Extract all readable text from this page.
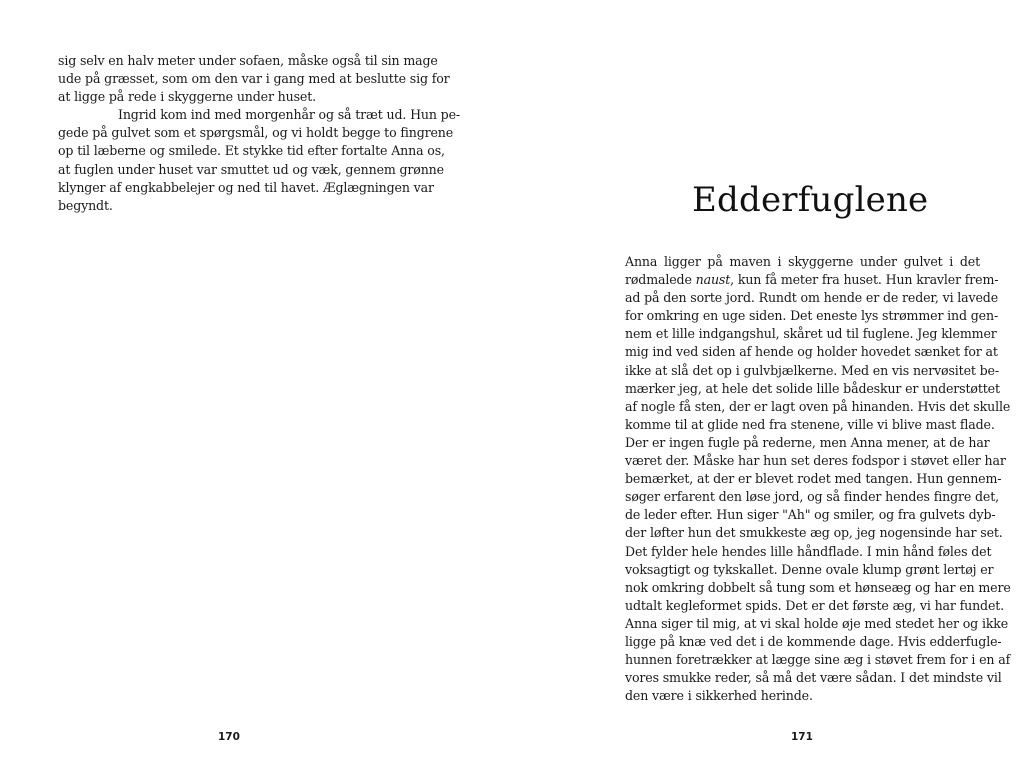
sig selv en halv meter under sofaen, måske også til sin mage
ude på græsset, som om den var i gang med at beslutte sig for
at ligge på rede i skyggerne under huset.
Ingrid kom ind med morgenhår og så træt ud. Hun pe-
gede på gulvet som et spørgsmål, og vi holdt begge to fingrene
op til læberne og smilede. Et stykke tid efter fortalte Anna os,
at fuglen under huset var smuttet ud og væk, gennem grønne
klynger af engkabbelejer og ned til havet. Æglægningen var
begyndt.
170
Edderfuglene
Anna ligger på maven i skyggerne under gulvet i det
rødmalede naust, kun få meter fra huset. Hun kravler frem-
ad på den sorte jord. Rundt om hende er de reder, vi lavede
for omkring en uge siden. Det eneste lys strømmer ind gen-
nem et lille indgangshul, skåret ud til fuglene. Jeg klemmer
mig ind ved siden af hende og holder hovedet sænket for at
ikke at slå det op i gulvbjælkerne. Med en vis nervøsitet be-
mærker jeg, at hele det solide lille bådeskur er understøttet
af nogle få sten, der er lagt oven på hinanden. Hvis det skulle
komme til at glide ned fra stenene, ville vi blive mast flade.
Der er ingen fugle på rederne, men Anna mener, at de har
været der. Måske har hun set deres fodspor i støvet eller har
bemærket, at der er blevet rodet med tangen. Hun gennem-
søger erfarent den løse jord, og så finder hendes fingre det,
de leder efter. Hun siger "Ah" og smiler, og fra gulvets dyb-
der løfter hun det smukkeste æg op, jeg nogensinde har set.
Det fylder hele hendes lille håndflade. I min hånd føles det
voksagtigt og tykskallet. Denne ovale klump grønt lertøj er
nok omkring dobbelt så tung som et hønseæg og har en mere
udtalt kegleformet spids. Det er det første æg, vi har fundet.
Anna siger til mig, at vi skal holde øje med stedet her og ikke
ligge på knæ ved det i de kommende dage. Hvis edderfugle-
hunnen foretrækker at lægge sine æg i støvet frem for i en af
vores smukke reder, så må det være sådan. I det mindste vil
den være i sikkerhed herinde.
171
